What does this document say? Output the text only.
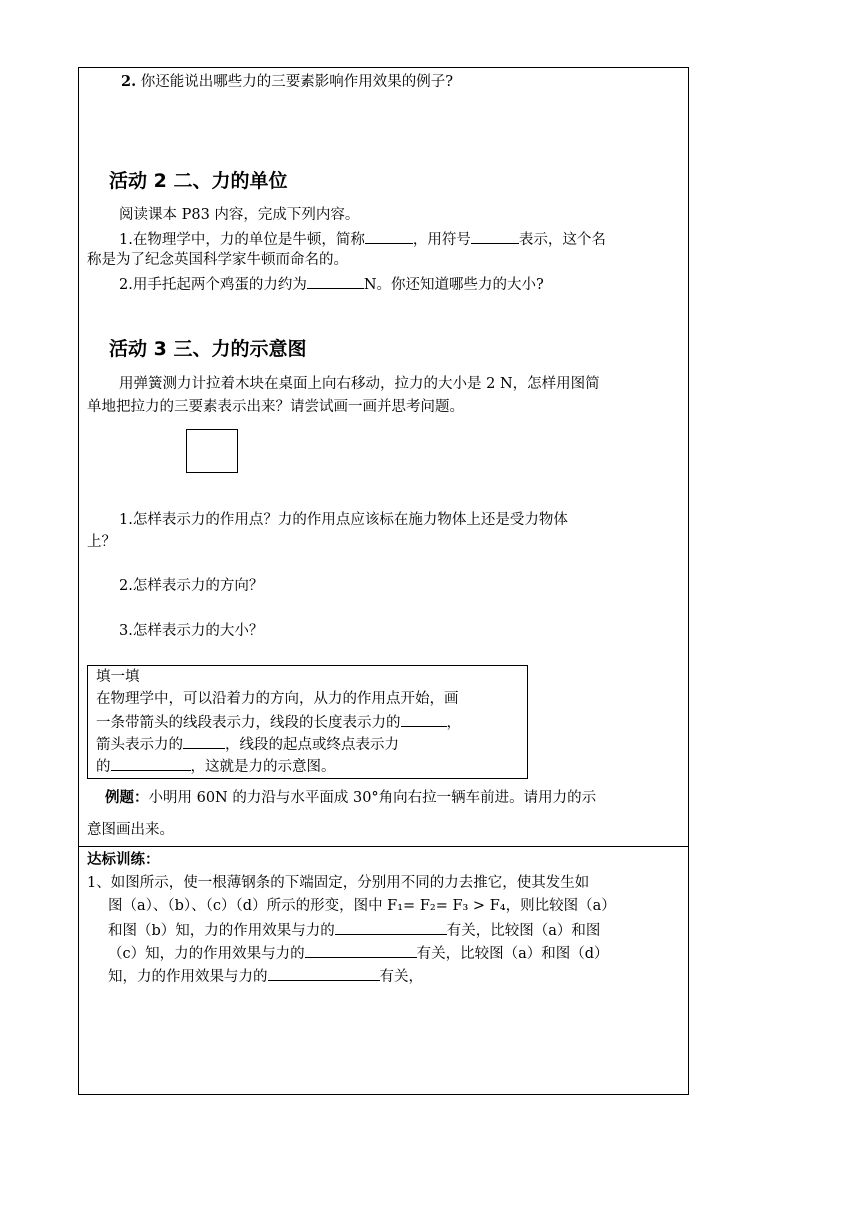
2. 你还能说出哪些力的三要素影响作用效果的例子?
活动 2 二、力的单位
阅读课本 P83 内容，完成下列内容。
1.在物理学中，力的单位是牛顿，简称	，用符号	表示，这个名
称是为了纪念英国科学家牛顿而命名的。
2.用手托起两个鸡蛋的力约为	N。你还知道哪些力的大小?
活动 3 三、力的示意图
用弹簧测力计拉着木块在桌面上向右移动，拉力的大小是 2 N，怎样用图简
单地把拉力的三要素表示出来？请尝试画一画并思考问题。
1.怎样表示力的作用点？力的作用点应该标在施力物体上还是受力物体
上？
2.怎样表示力的方向？
3.怎样表示力的大小？
填一填
在物理学中，可以沿着力的方向，从力的作用点开始，画
一条带箭头的线段表示力，线段的长度表示力的	，
箭头表示力的	，线段的起点或终点表示力
的	，这就是力的示意图。
例题：小明用 60N 的力沿与水平面成 30°角向右拉一辆车前进。请用力的示
意图画出来。
达标训练：
1、如图所示，使一根薄钢条的下端固定，分别用不同的力去推它，使其发生如
图（a）、（b）、（c）（d）所示的形变，图中 F₁= F₂= F₃ > F₄，则比较图（a）
和图（b）知，力的作用效果与力的	有关，比较图（a）和图
（c）知，力的作用效果与力的	有关，比较图（a）和图（d）
知，力的作用效果与力的	有关，
